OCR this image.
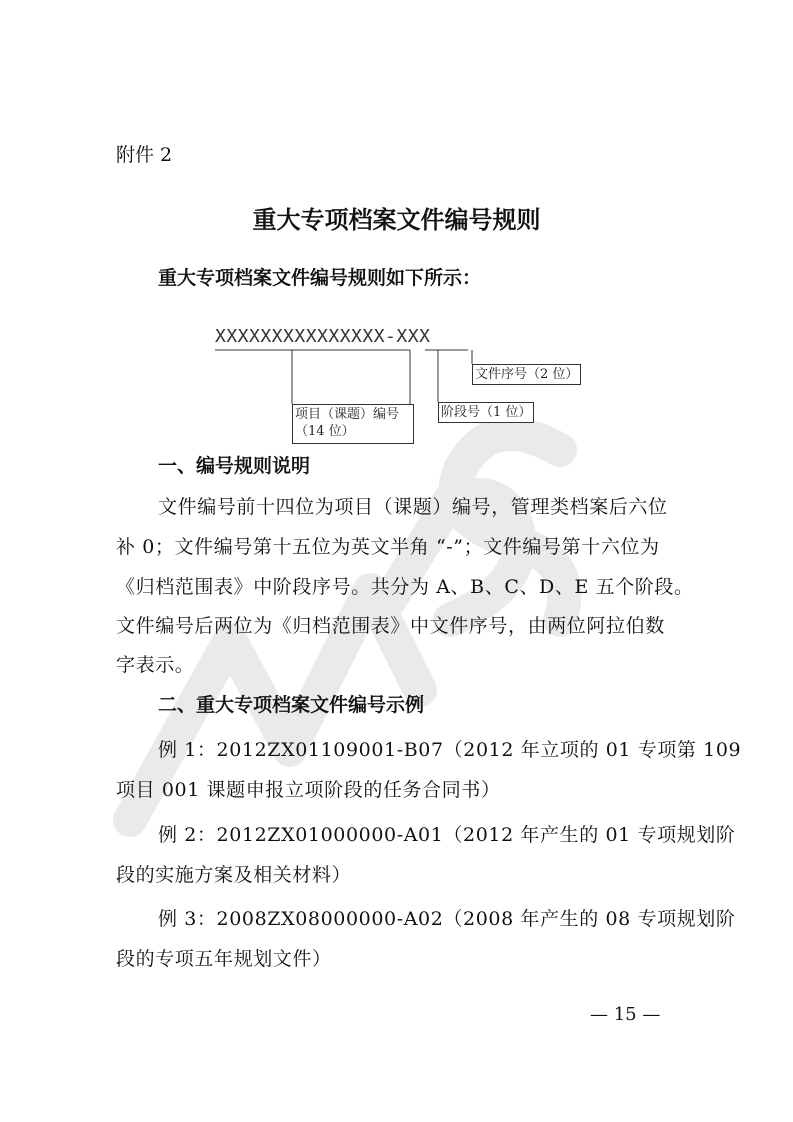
附件 2
重大专项档案文件编号规则
重大专项档案文件编号规则如下所示：
XXXXXXXXXXXXXXX-XXX
文件序号（2 位）
阶段号（1 位）
项目（课题）编号
（14 位）
一、编号规则说明
文件编号前十四位为项目（课题）编号，管理类档案后六位
补 0；文件编号第十五位为英文半角 “-”；文件编号第十六位为
《归档范围表》中阶段序号。共分为 A、B、C、D、E 五个阶段。
文件编号后两位为《归档范围表》中文件序号，由两位阿拉伯数
字表示。
二、重大专项档案文件编号示例
例 1：2012ZX01109001-B07（2012 年立项的 01 专项第 109
项目 001 课题申报立项阶段的任务合同书）
例 2：2012ZX01000000-A01（2012 年产生的 01 专项规划阶
段的实施方案及相关材料）
例 3：2008ZX08000000-A02（2008 年产生的 08 专项规划阶
段的专项五年规划文件）
— 15 —
